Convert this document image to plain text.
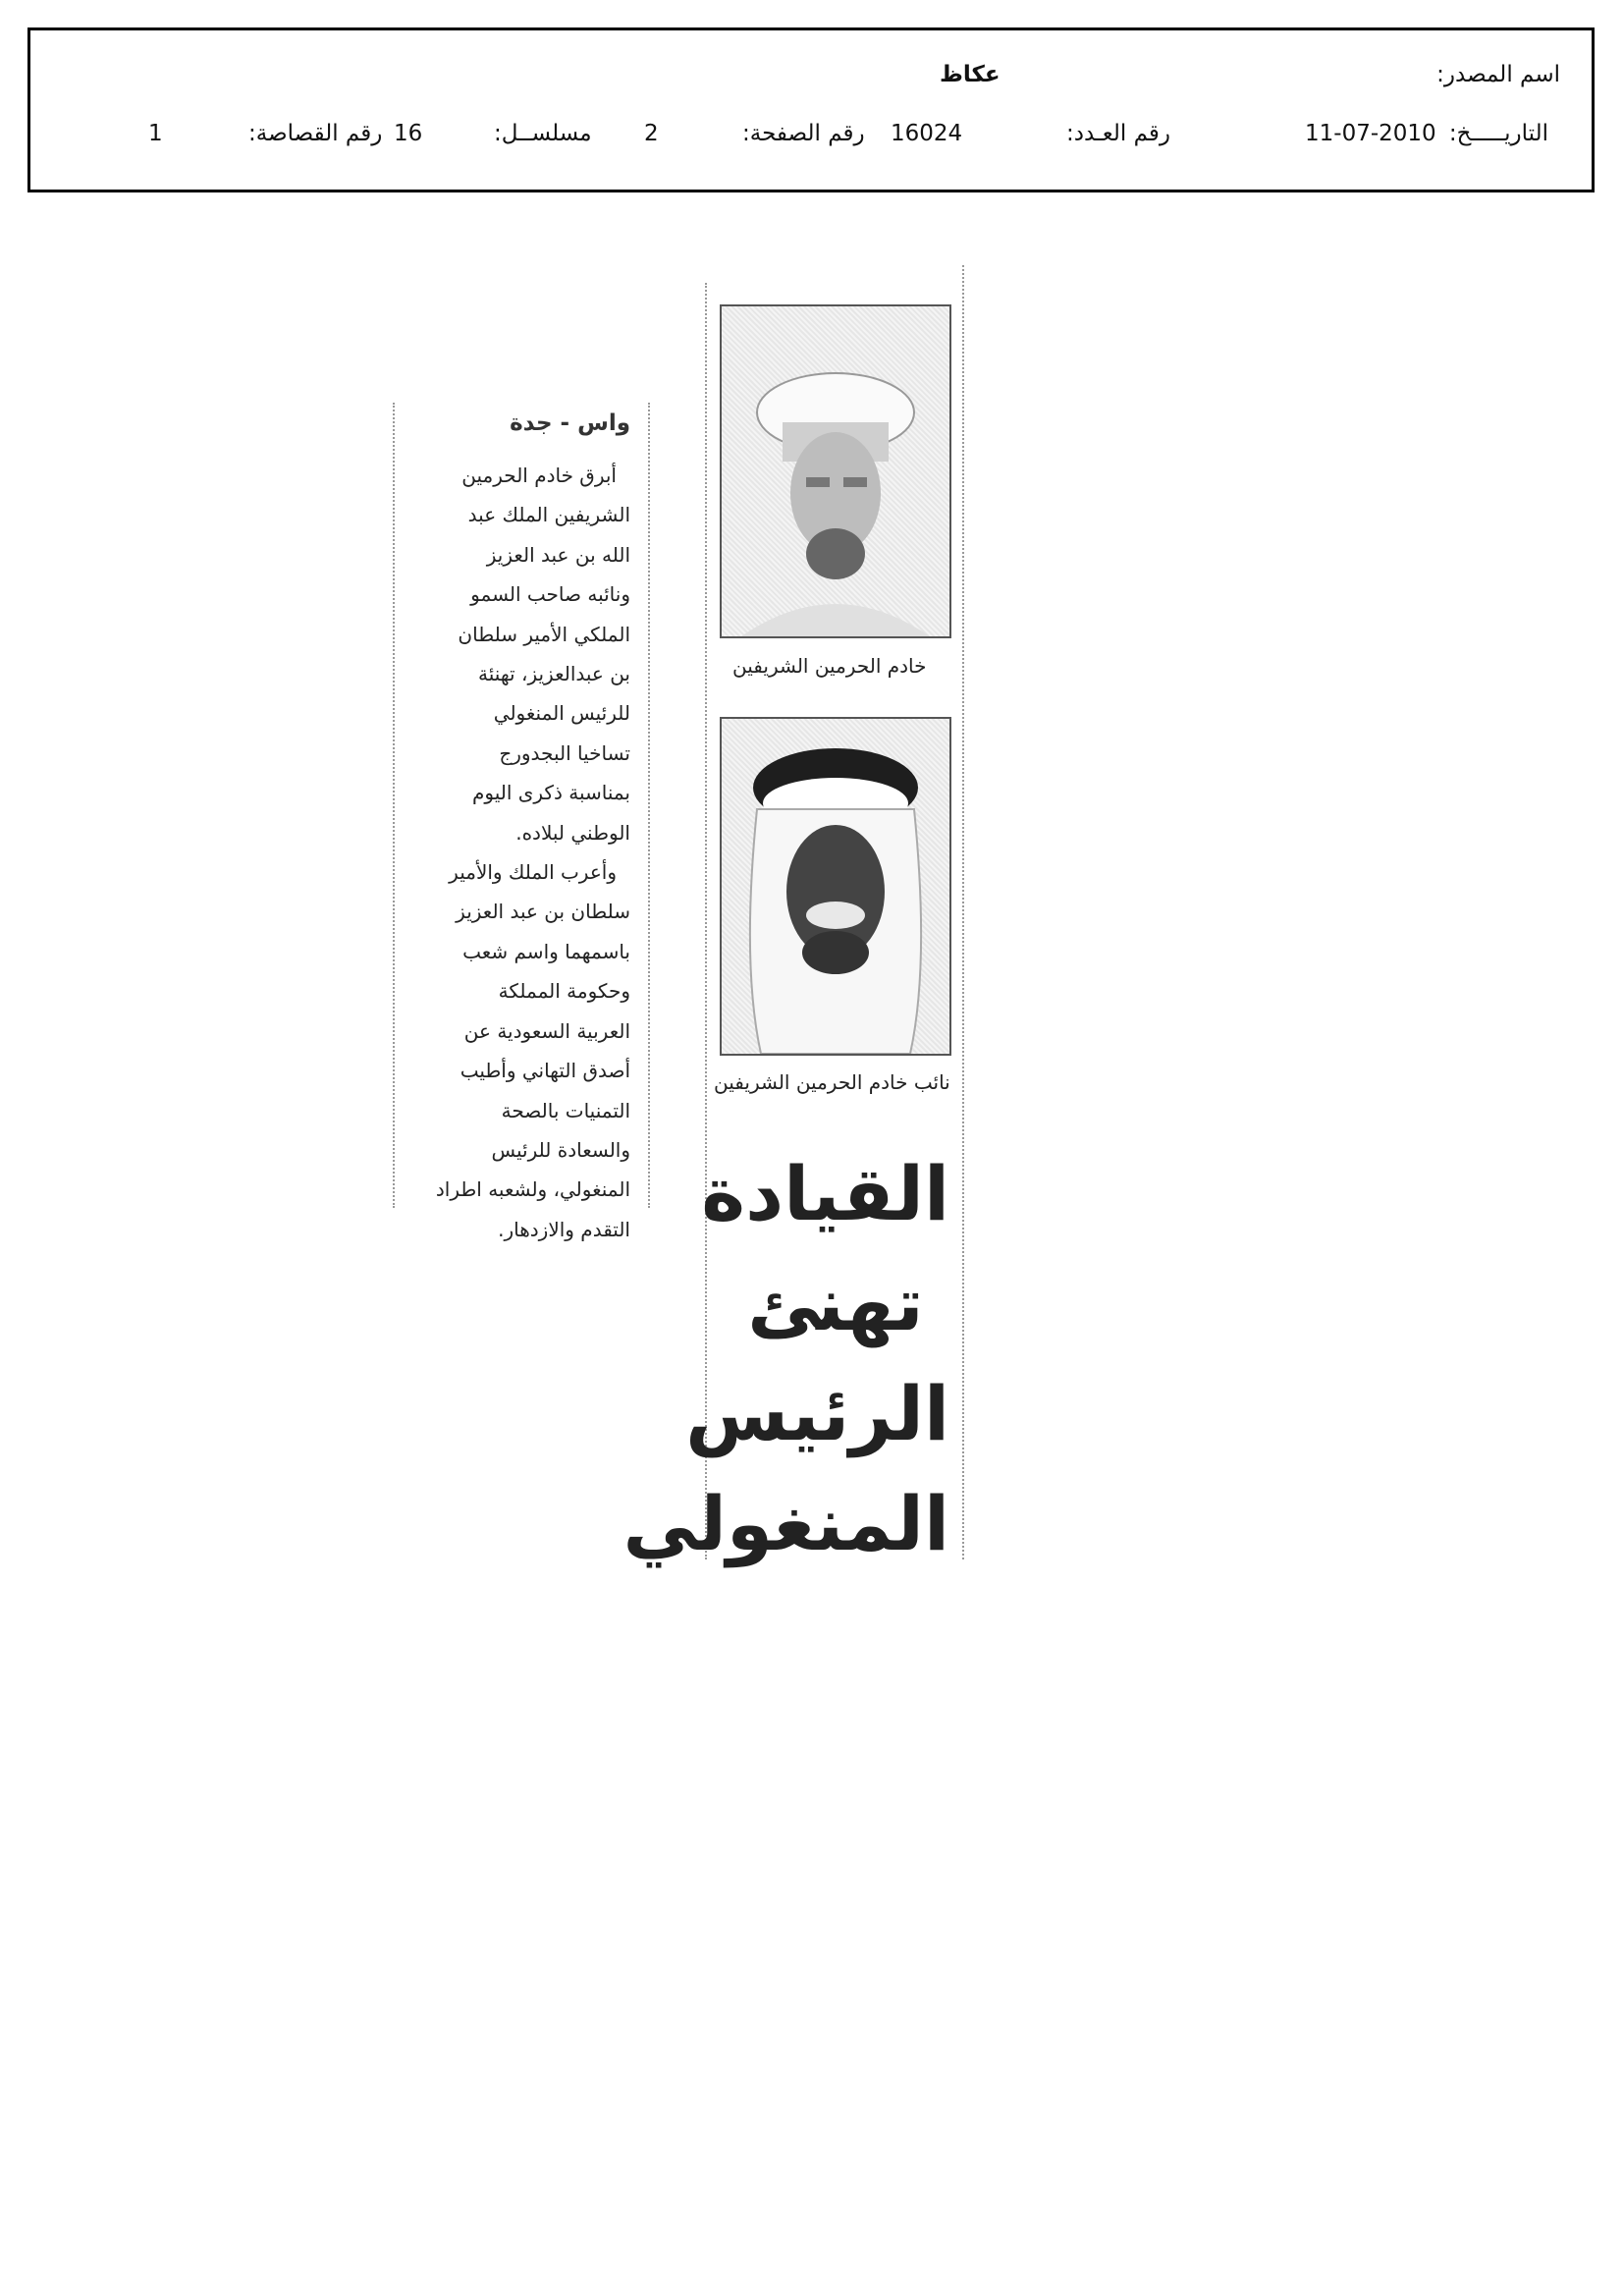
اسم المصدر:
عكاظ
التاريـــــخ:
11-07-2010
رقم العـدد:
16024
رقم الصفحة:
2
مسلســل:
16
رقم القصاصة:
1
خادم الحرمين الشريفين
نائب خادم الحرمين الشريفين
القيادة
تهنئ
الرئيس
المنغولي
واس - جدة
أبرق خادم الحرمين
الشريفين الملك عبد
الله بن عبد العزيز
ونائبه صاحب السمو
الملكي الأمير سلطان
بن عبدالعزيز، تهنئة
للرئيس المنغولي
تساخيا البجدورج
بمناسبة ذكرى اليوم
الوطني لبلاده.
وأعرب الملك والأمير
سلطان بن عبد العزيز
باسمهما واسم شعب
وحكومة المملكة
العربية السعودية عن
أصدق التهاني وأطيب
التمنيات بالصحة
والسعادة للرئيس
المنغولي، ولشعبه اطراد
التقدم والازدهار.
